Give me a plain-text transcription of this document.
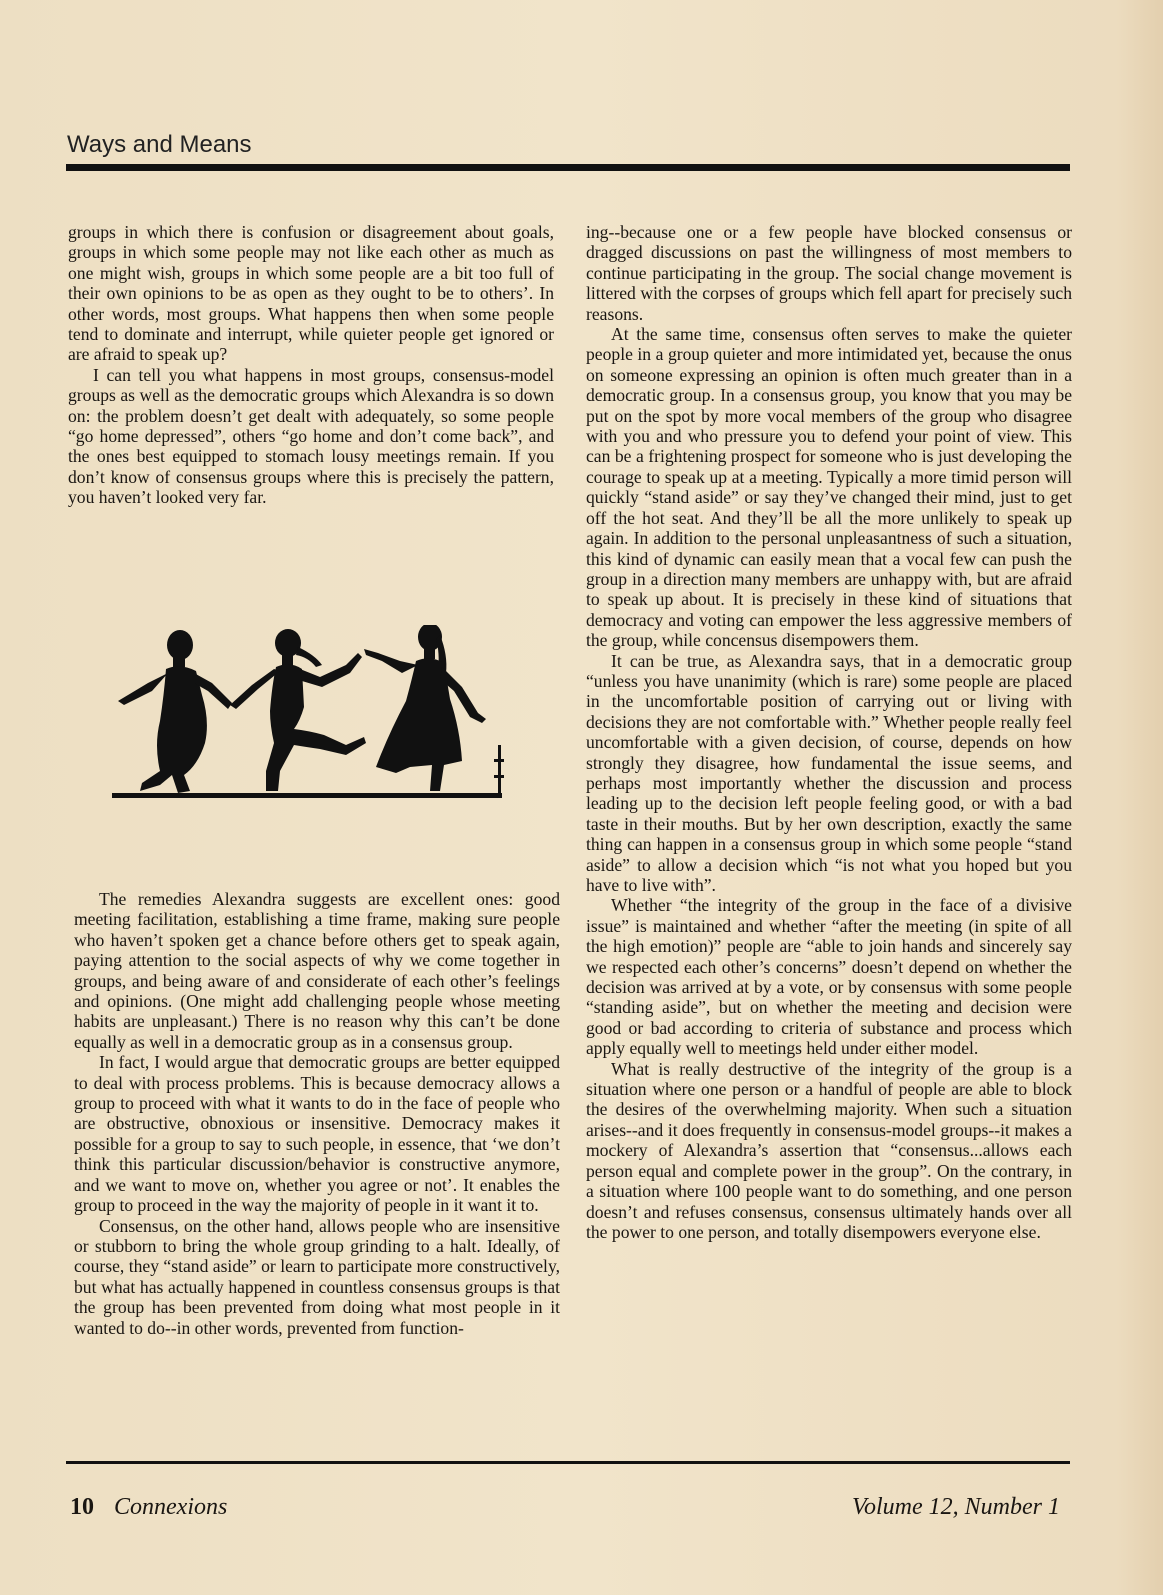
Ways and Means

groups in which there is confusion or disagreement about goals, groups in which some people may not like each other as much as one might wish, groups in which some people are a bit too full of their own opinions to be as open as they ought to be to others’. In other words, most groups. What happens then when some people tend to dominate and interrupt, while quieter people get ignored or are afraid to speak up?

I can tell you what happens in most groups, consensus-model groups as well as the democratic groups which Alexandra is so down on: the problem doesn’t get dealt with adequately, so some people “go home depressed”, others “go home and don’t come back”, and the ones best equipped to stomach lousy meetings remain. If you don’t know of consensus groups where this is precisely the pattern, you haven’t looked very far.

The remedies Alexandra suggests are excellent ones: good meeting facilitation, establishing a time frame, making sure people who haven’t spoken get a chance before others get to speak again, paying attention to the social aspects of why we come together in groups, and being aware of and considerate of each other’s feelings and opinions. (One might add challenging people whose meeting habits are unpleasant.) There is no reason why this can’t be done equally as well in a democratic group as in a consensus group.

In fact, I would argue that democratic groups are better equipped to deal with process problems. This is because democracy allows a group to proceed with what it wants to do in the face of people who are obstructive, obnoxious or insensitive. Democracy makes it possible for a group to say to such people, in essence, that ‘we don’t think this particular discussion/behavior is constructive anymore, and we want to move on, whether you agree or not’. It enables the group to proceed in the way the majority of people in it want it to.

Consensus, on the other hand, allows people who are insensitive or stubborn to bring the whole group grinding to a halt. Ideally, of course, they “stand aside” or learn to participate more constructively, but what has actually happened in countless consensus groups is that the group has been prevented from doing what most people in it wanted to do--in other words, prevented from function-

ing--because one or a few people have blocked consensus or dragged discussions on past the willingness of most members to continue participating in the group. The social change movement is littered with the corpses of groups which fell apart for precisely such reasons.

At the same time, consensus often serves to make the quieter people in a group quieter and more intimidated yet, because the onus on someone expressing an opinion is often much greater than in a democratic group. In a consensus group, you know that you may be put on the spot by more vocal members of the group who disagree with you and who pressure you to defend your point of view. This can be a frightening prospect for someone who is just developing the courage to speak up at a meeting. Typically a more timid person will quickly “stand aside” or say they’ve changed their mind, just to get off the hot seat. And they’ll be all the more unlikely to speak up again. In addition to the personal unpleasantness of such a situation, this kind of dynamic can easily mean that a vocal few can push the group in a direction many members are unhappy with, but are afraid to speak up about. It is precisely in these kind of situations that democracy and voting can empower the less aggressive members of the group, while concensus disempowers them.

It can be true, as Alexandra says, that in a democratic group “unless you have unanimity (which is rare) some people are placed in the uncomfortable position of carrying out or living with decisions they are not comfortable with.” Whether people really feel uncomfortable with a given decision, of course, depends on how strongly they disagree, how fundamental the issue seems, and perhaps most importantly whether the discussion and process leading up to the decision left people feeling good, or with a bad taste in their mouths. But by her own description, exactly the same thing can happen in a consensus group in which some people “stand aside” to allow a decision which “is not what you hoped but you have to live with”.

Whether “the integrity of the group in the face of a divisive issue” is maintained and whether “after the meeting (in spite of all the high emotion)” people are “able to join hands and sincerely say we respected each other’s concerns” doesn’t depend on whether the decision was arrived at by a vote, or by consensus with some people “standing aside”, but on whether the meeting and decision were good or bad according to criteria of substance and process which apply equally well to meetings held under either model.

What is really destructive of the integrity of the group is a situation where one person or a handful of people are able to block the desires of the overwhelming majority. When such a situation arises--and it does frequently in consensus-model groups--it makes a mockery of Alexandra’s assertion that “consensus...allows each person equal and complete power in the group”. On the contrary, in a situation where 100 people want to do something, and one person doesn’t and refuses consensus, consensus ultimately hands over all the power to one person, and totally disempowers everyone else.

10 Connexions	Volume 12, Number 1
